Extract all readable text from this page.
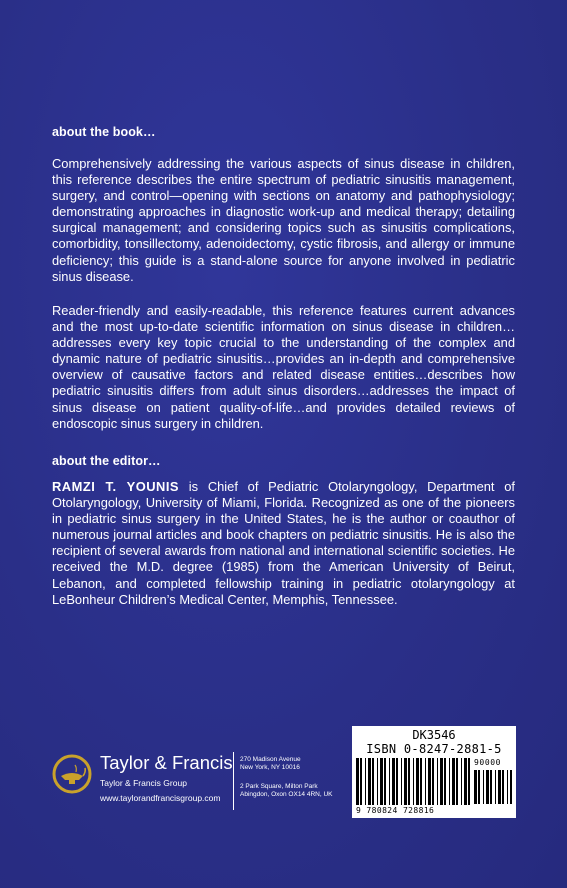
about the book…

Comprehensively addressing the various aspects of sinus disease in children, this reference describes the entire spectrum of pediatric sinusitis management, surgery, and control—opening with sections on anatomy and pathophysiology; demonstrating approaches in diagnostic work-up and medical therapy; detailing surgical management; and considering topics such as sinusitis complications, comorbidity, tonsillectomy, adenoidectomy, cystic fibrosis, and allergy or immune deficiency; this guide is a stand-alone source for anyone involved in pediatric sinus disease.

Reader-friendly and easily-readable, this reference features current advances and the most up-to-date scientific information on sinus disease in children…addresses every key topic crucial to the understanding of the complex and dynamic nature of pediatric sinusitis…provides an in-depth and comprehensive overview of causative factors and related disease entities…describes how pediatric sinusitis differs from adult sinus disorders…addresses the impact of sinus disease on patient quality-of-life…and provides detailed reviews of endoscopic sinus surgery in children.

about the editor…

RAMZI T. YOUNIS is Chief of Pediatric Otolaryngology, Department of Otolaryngology, University of Miami, Florida. Recognized as one of the pioneers in pediatric sinus surgery in the United States, he is the author or coauthor of numerous journal articles and book chapters on pediatric sinusitis. He is also the recipient of several awards from national and international scientific societies. He received the M.D. degree (1985) from the American University of Beirut, Lebanon, and completed fellowship training in pediatric otolaryngology at LeBonheur Children’s Medical Center, Memphis, Tennessee.

Taylor & Francis
Taylor & Francis Group
www.taylorandfrancisgroup.com
270 Madison Avenue
New York, NY 10016
2 Park Square, Milton Park
Abingdon, Oxon OX14 4RN, UK
DK3546
ISBN 0-8247-2881-5
90000
9 780824 728816
